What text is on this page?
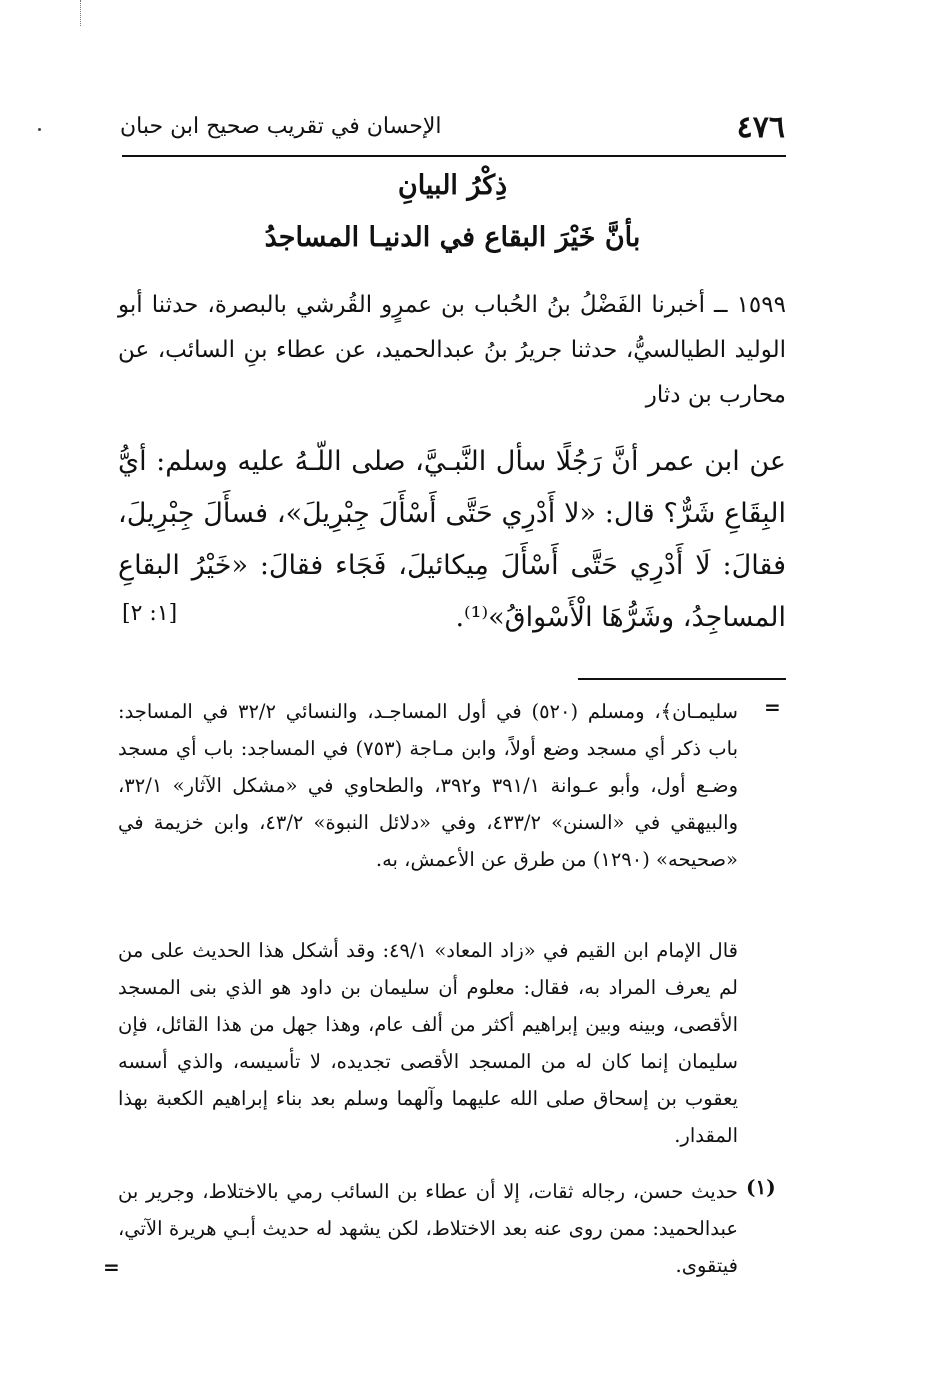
٤٧٦
الإحسان في تقريب صحيح ابن حبان
ذِكْرُ البيانِ
بأنَّ خَيْرَ البقاع في الدنيـا المساجدُ
١٥٩٩ ــ أخبرنا الفَضْلُ بنُ الحُباب بن عمرٍو القُرشي بالبصرة، حدثنا أبو الوليد الطيالسيُّ، حدثنا جريرُ بنُ عبدالحميد، عن عطاء بنِ السائب، عن محارب بن دثار
عن ابن عمر أنَّ رَجُلًا سأل النَّبـيَّ، صلى اللّـهُ عليه وسلم: أيُّ البِقَاعِ شَرٌّ؟ قال: «لا أَدْرِي حَتَّى أَسْأَلَ جِبْرِيلَ»، فسأَلَ جِبْرِيلَ، فقالَ: لَا أَدْرِي حَتَّى أَسْأَلَ مِيكائيلَ، فَجَاء فقالَ: «خَيْرُ البقاعِ المساجِدُ، وشَرُّهَا الْأَسْواقُ»⁽¹⁾.
[١: ٢]
=
سليمـان﴾، ومسلم (٥٢٠) في أول المساجـد، والنسائي ٣٢/٢ في المساجد: باب ذكر أي مسجد وضع أولاً، وابن مـاجة (٧٥٣) في المساجد: باب أي مسجد وضـع أول، وأبو عـوانة ٣٩١/١ و٣٩٢، والطحاوي في «مشكل الآثار» ٣٢/١، والبيهقي في «السنن» ٤٣٣/٢، وفي «دلائل النبوة» ٤٣/٢، وابن خزيمة في «صحيحه» (١٢٩٠) من طرق عن الأعمش، به.
قال الإمام ابن القيم في «زاد المعاد» ٤٩/١: وقد أشكل هذا الحديث على من لم يعرف المراد به، فقال: معلوم أن سليمان بن داود هو الذي بنى المسجد الأقصى، وبينه وبين إبراهيم أكثر من ألف عام، وهذا جهل من هذا القائل، فإن سليمان إنما كان له من المسجد الأقصى تجديده، لا تأسيسه، والذي أسسه يعقوب بن إسحاق صلى الله عليهما وآلهما وسلم بعد بناء إبراهيم الكعبة بهذا المقدار.
(١)
حديث حسن، رجاله ثقات، إلا أن عطاء بن السائب رمي بالاختلاط، وجرير بن عبدالحميد: ممن روى عنه بعد الاختلاط، لكن يشهد له حديث أبـي هريرة الآتي، فيتقوى.
=
